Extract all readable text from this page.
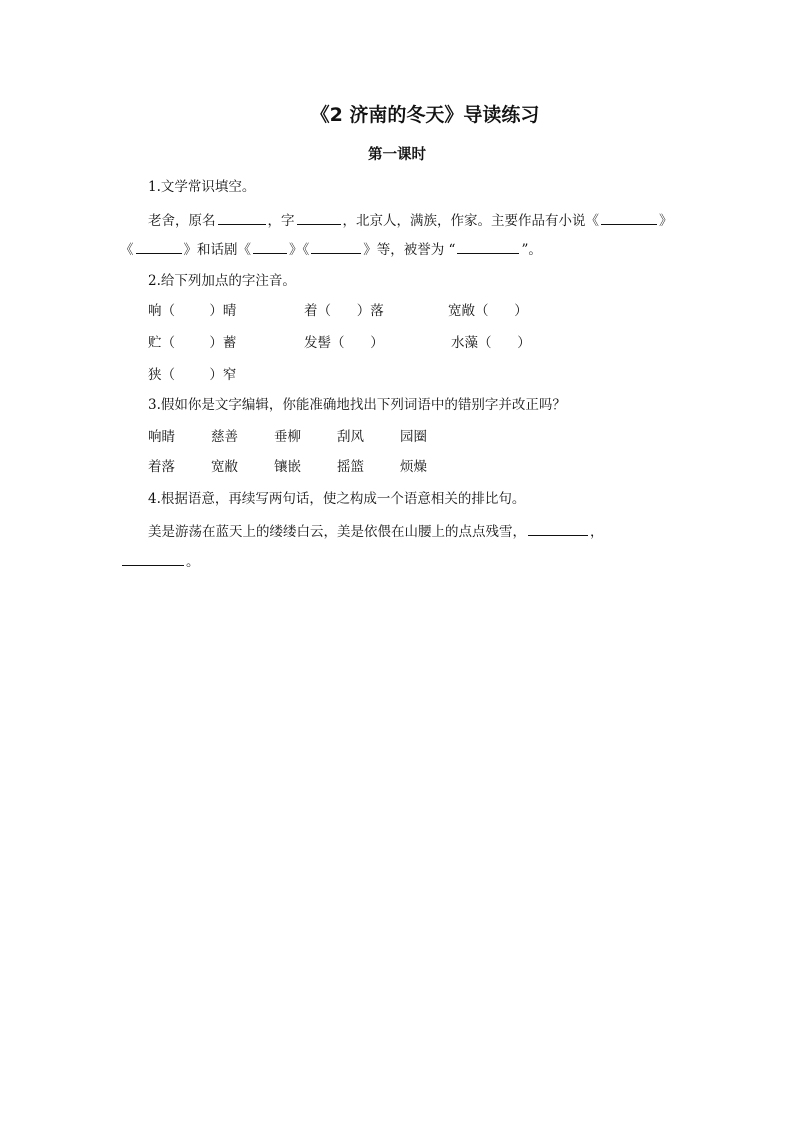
《2 济南的冬天》导读练习
第一课时
1.文学常识填空。
老舍，原名	，字	，北京人，满族，作家。主要作品有小说《	》
《	》和话剧《	》《	》等，被誉为 “	”。
2.给下列加点的字注音。
响（        ）晴	着（      ）落	宽敞（      ）
贮（        ）蓄	发髻（      ）	水藻（      ）
狭（        ）窄
3.假如你是文字编辑，你能准确地找出下列词语中的错别字并改正吗？
响睛	慈善	垂柳	刮风	园圈
着落	宽敝	镶嵌	摇篮	烦燥
4.根据语意，再续写两句话，使之构成一个语意相关的排比句。
美是游荡在蓝天上的缕缕白云，美是依偎在山腰上的点点残雪，	，
。
